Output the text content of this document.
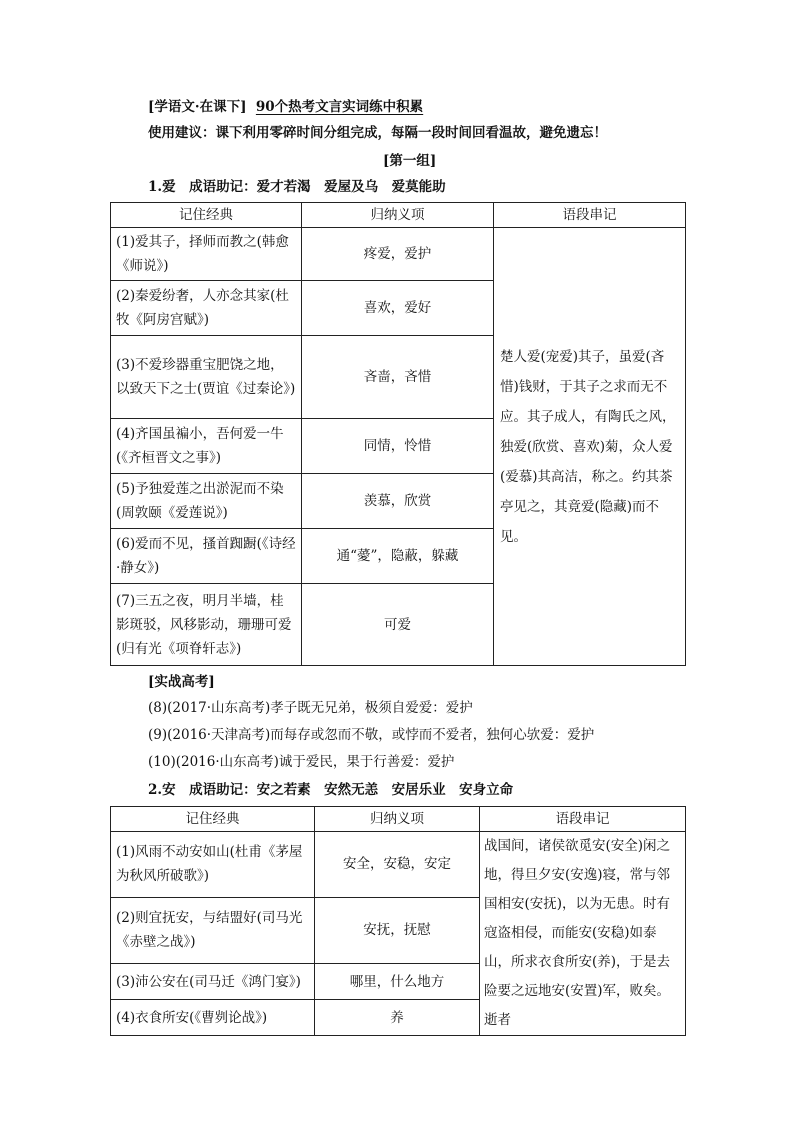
[学语文·在课下] 90个热考文言实词练中积累
使用建议：课下利用零碎时间分组完成，每隔一段时间回看温故，避免遗忘！
[第一组]
1.爱　成语助记：爱才若渴　爱屋及乌　爱莫能助
记住经典	归纳义项	语段串记
(1)爱其子，择师而教之(韩愈《师说》)	疼爱，爱护	楚人爱(宠爱)其子，虽爱(吝惜)钱财，于其子之求而无不应。其子成人，有陶氏之风，独爱(欣赏、喜欢)菊，众人爱(爱慕)其高洁，称之。约其茶亭见之，其竟爱(隐藏)而不见。
(2)秦爱纷奢，人亦念其家(杜牧《阿房宫赋》)	喜欢，爱好	
(3)不爱珍器重宝肥饶之地，以致天下之士(贾谊《过秦论》)	吝啬，吝惜	
(4)齐国虽褊小，吾何爱一牛(《齐桓晋文之事》)	同情，怜惜	
(5)予独爱莲之出淤泥而不染(周敦颐《爱莲说》)	羡慕，欣赏	
(6)爱而不见，搔首踟蹰(《诗经·静女》)	通“薆”，隐蔽，躲藏	
(7)三五之夜，明月半墙，桂影斑驳，风移影动，珊珊可爱(归有光《项脊轩志》)	可爱	
[实战高考]
(8)(2017·山东高考)孝子既无兄弟，极须自爱爱：爱护
(9)(2016·天津高考)而每存或忽而不敬，或悖而不爱者，独何心欤爱：爱护
(10)(2016·山东高考)诚于爱民，果于行善爱：爱护
2.安　成语助记：安之若素　安然无恙　安居乐业　安身立命
记住经典	归纳义项	语段串记
(1)风雨不动安如山(杜甫《茅屋为秋风所破歌》)	安全，安稳，安定	战国间，诸侯欲觅安(安全)闲之地，得旦夕安(安逸)寝，常与邻国相安(安抚)，以为无患。时有寇盗相侵，而能安(安稳)如泰山，所求衣食所安(养)，于是去险要之远地安(安置)军，败矣。逝者
(2)则宜抚安，与结盟好(司马光《赤壁之战》)	安抚，抚慰	
(3)沛公安在(司马迁《鸿门宴》)	哪里，什么地方	
(4)衣食所安(《曹刿论战》)	养	
